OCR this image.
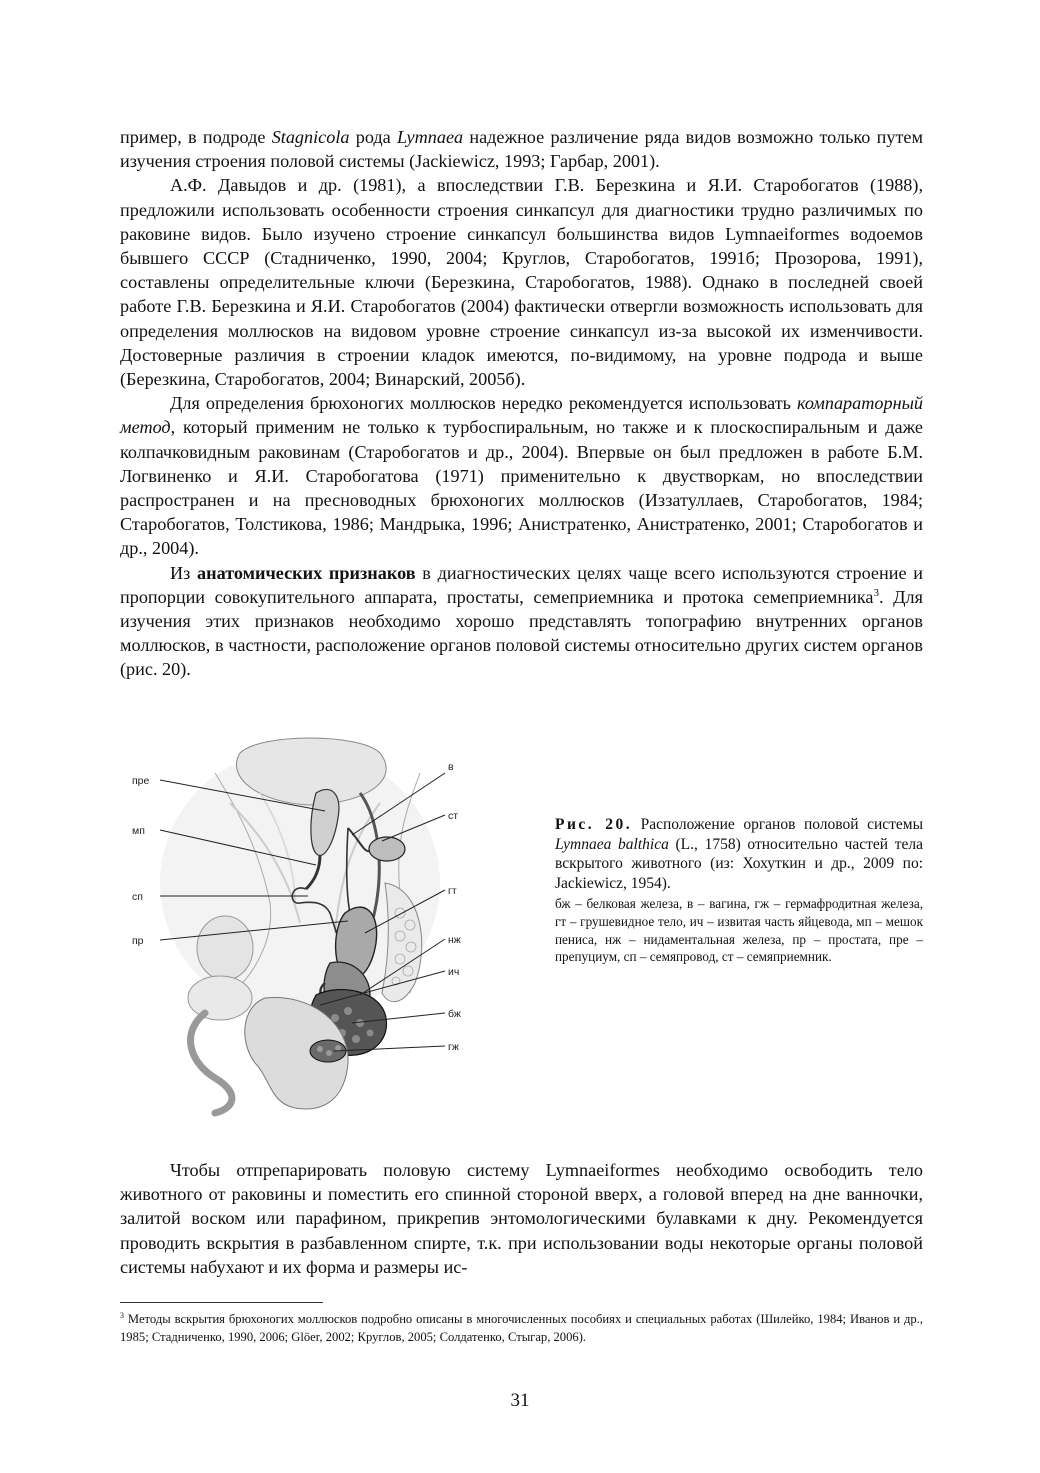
пример, в подроде Stagnicola рода Lymnaea надежное различение ряда видов возможно только путем изучения строения половой системы (Jackiewicz, 1993; Гарбар, 2001).

А.Ф. Давыдов и др. (1981), а впоследствии Г.В. Березкина и Я.И. Старобогатов (1988), предложили использовать особенности строения синкапсул для диагностики трудно различимых по раковине видов. Было изучено строение синкапсул большинства видов Lymnaeiformes водоемов бывшего СССР (Стадниченко, 1990, 2004; Круглов, Старобогатов, 1991б; Прозорова, 1991), составлены определительные ключи (Березкина, Старобогатов, 1988). Однако в последней своей работе Г.В. Березкина и Я.И. Старобогатов (2004) фактически отвергли возможность использовать для определения моллюсков на видовом уровне строение синкапсул из-за высокой их изменчивости. Достоверные различия в строении кладок имеются, по-видимому, на уровне подрода и выше (Березкина, Старобогатов, 2004; Винарский, 2005б).

Для определения брюхоногих моллюсков нередко рекомендуется использовать компараторный метод, который применим не только к турбоспиральным, но также и к плоскоспиральным и даже колпачковидным раковинам (Старобогатов и др., 2004). Впервые он был предложен в работе Б.М. Логвиненко и Я.И. Старобогатова (1971) применительно к двустворкам, но впоследствии распространен и на пресноводных брюхоногих моллюсков (Иззатуллаев, Старобогатов, 1984; Старобогатов, Толстикова, 1986; Мандрыка, 1996; Анистратенко, Анистратенко, 2001; Старобогатов и др., 2004).

Из анатомических признаков в диагностических целях чаще всего используются строение и пропорции совокупительного аппарата, простаты, семеприемника и протока семеприемника$^3$. Для изучения этих признаков необходимо хорошо представлять топографию внутренних органов моллюсков, в частности, расположение органов половой системы относительно других систем органов (рис. 20).

пре
мп
сп
пр
в
ст
гт
нж
ич
бж
гж

Рис. 20. Расположение органов половой системы Lymnaea balthica (L., 1758) относительно частей тела вскрытого животного (из: Хохуткин и др., 2009 по: Jackiewicz, 1954).

бж – белковая железа, в – вагина, гж – гермафродитная железа, гт – грушевидное тело, ич – извитая часть яйцевода, мп – мешок пениса, нж – нидаментальная железа, пр – простата, пре – препуциум, сп – семяпровод, ст – семяприемник.

Чтобы отпрепарировать половую систему Lymnaeiformes необходимо освободить тело животного от раковины и поместить его спинной стороной вверх, а головой вперед на дне ванночки, залитой воском или парафином, прикрепив энтомологическими булавками к дну. Рекомендуется проводить вскрытия в разбавленном спирте, т.к. при использовании воды некоторые органы половой системы набухают и их форма и размеры ис-

$^3$ Методы вскрытия брюхоногих моллюсков подробно описаны в многочисленных пособиях и специальных работах (Шилейко, 1984; Иванов и др., 1985; Стадниченко, 1990, 2006; Glöer, 2002; Круглов, 2005; Солдатенко, Стыгар, 2006).

31
